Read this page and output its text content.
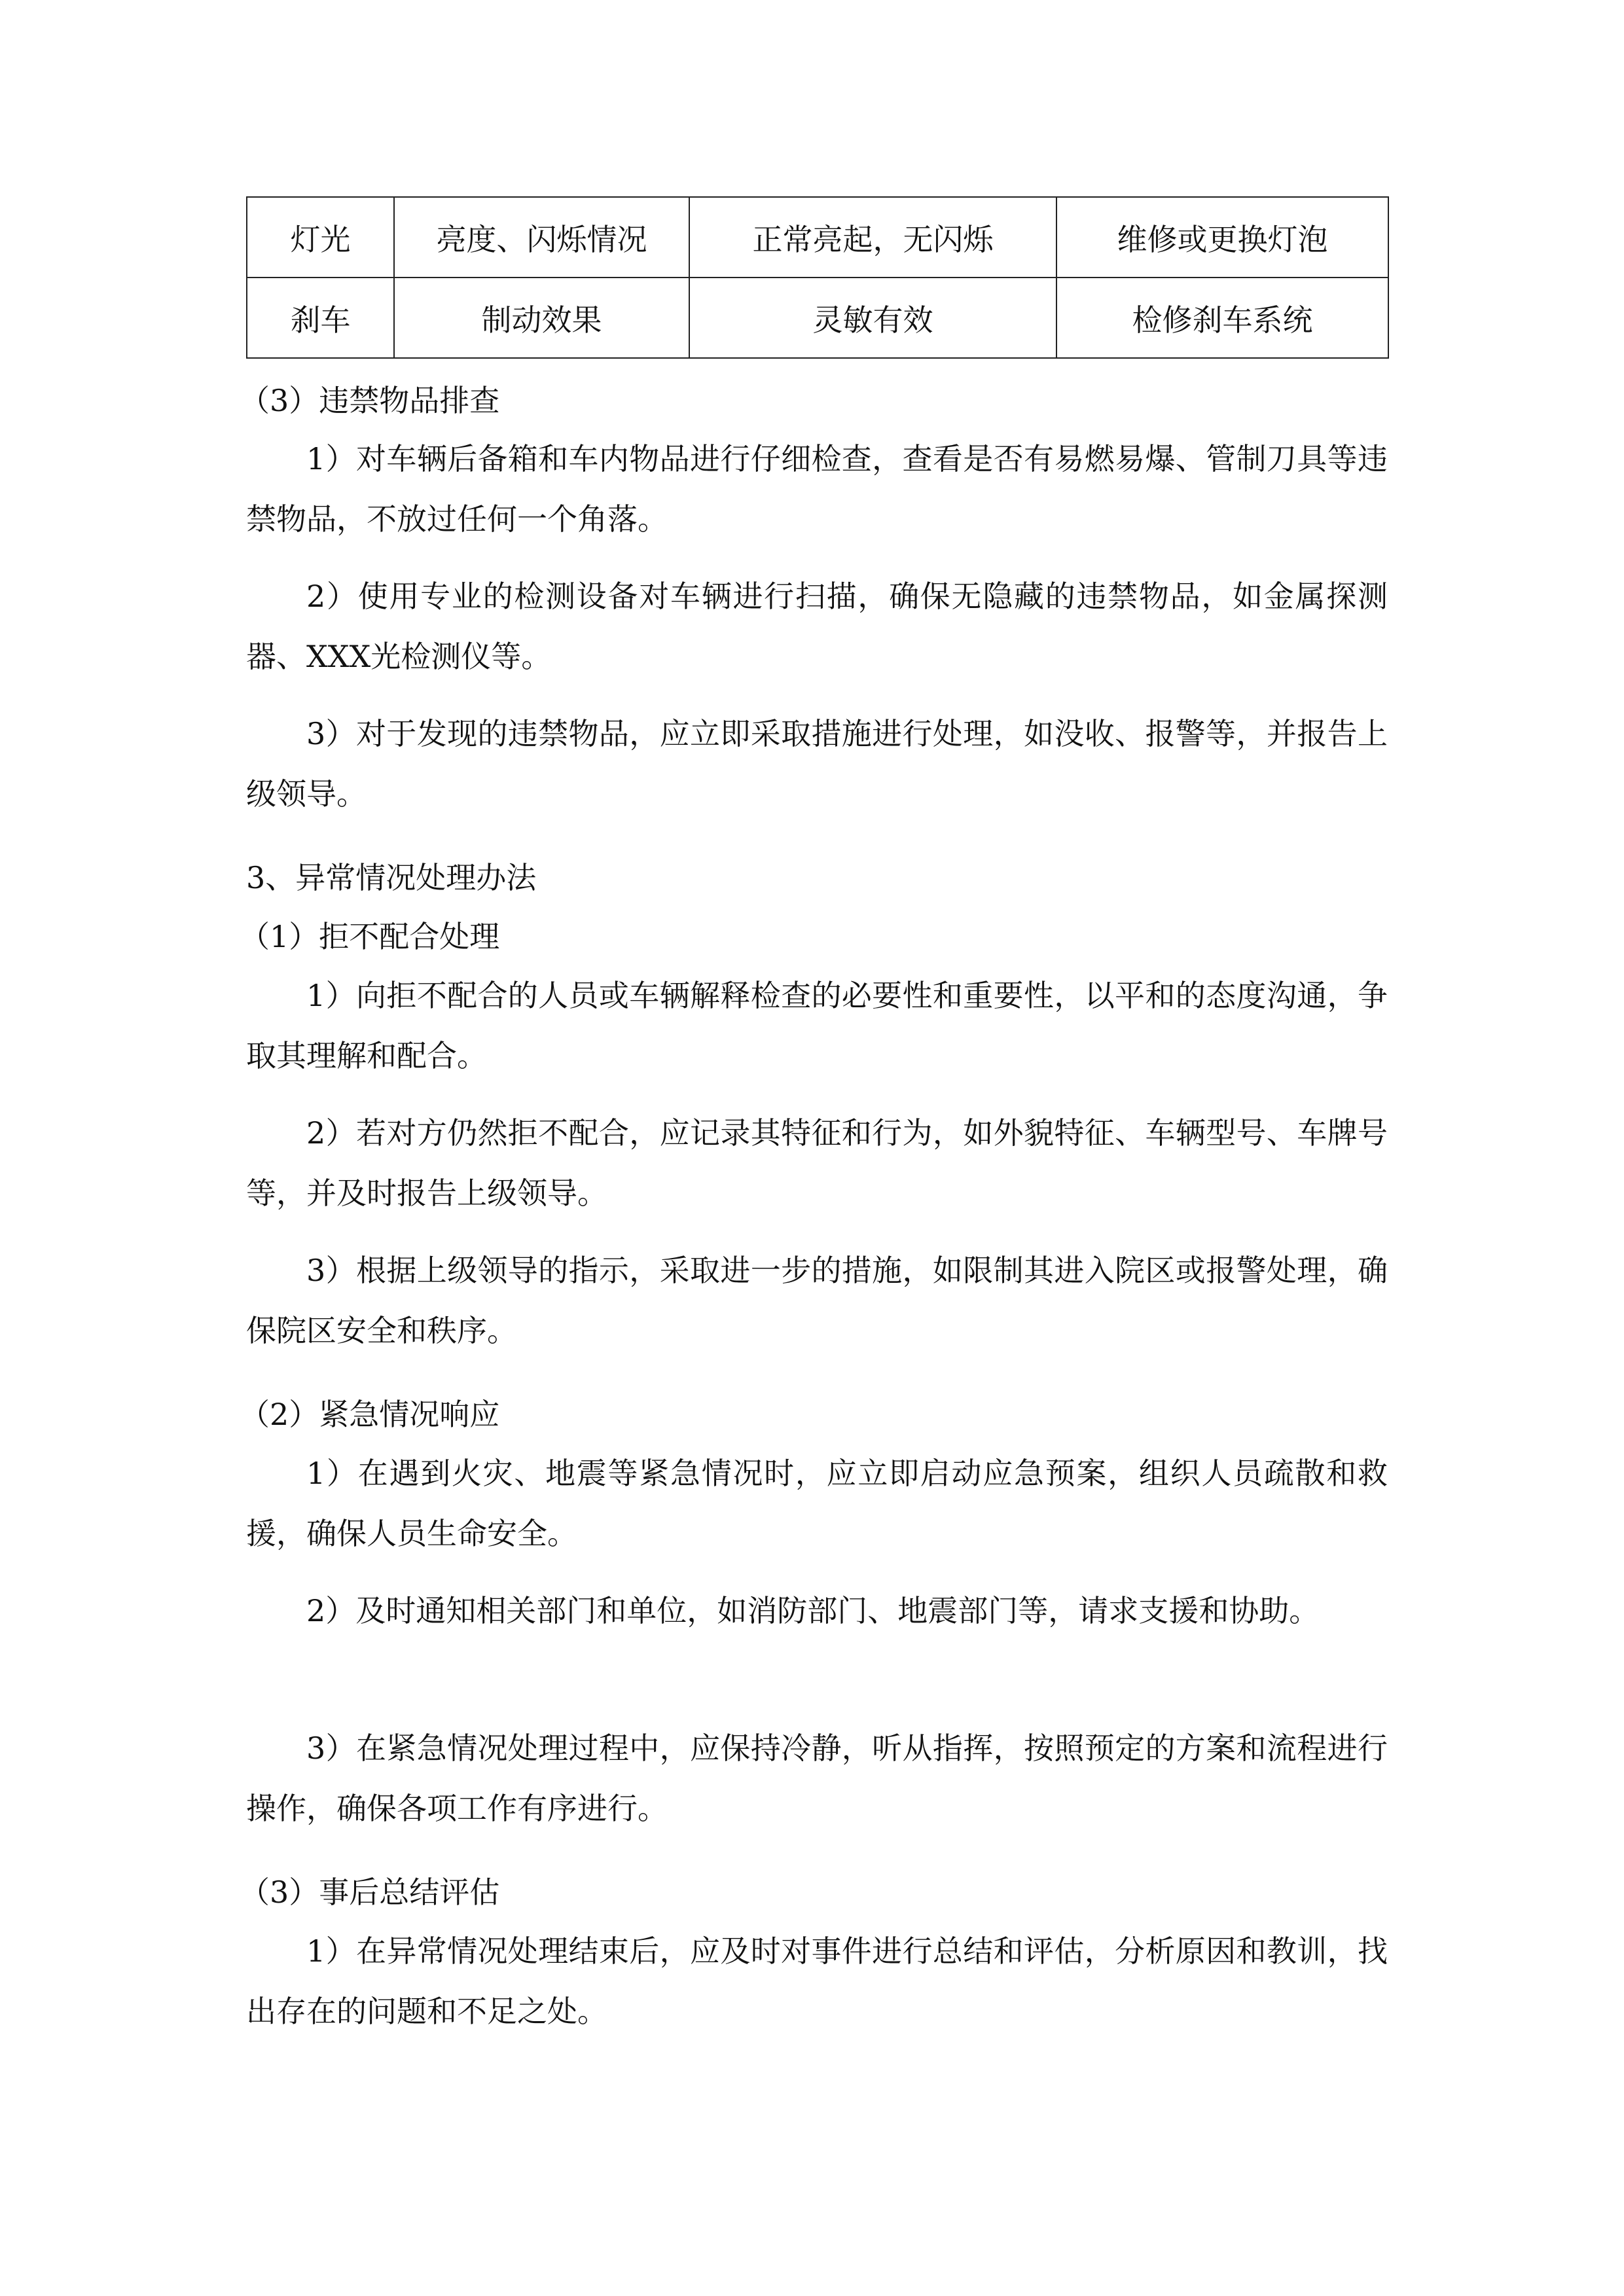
灯光	亮度、闪烁情况	正常亮起，无闪烁	维修或更换灯泡
刹车	制动效果	灵敏有效	检修刹车系统

（3）违禁物品排查

1）对车辆后备箱和车内物品进行仔细检查，查看是否有易燃易爆、管制刀具等违禁物品，不放过任何一个角落。

2）使用专业的检测设备对车辆进行扫描，确保无隐藏的违禁物品，如金属探测器、XXX光检测仪等。

3）对于发现的违禁物品，应立即采取措施进行处理，如没收、报警等，并报告上级领导。

3、异常情况处理办法

（1）拒不配合处理

1）向拒不配合的人员或车辆解释检查的必要性和重要性，以平和的态度沟通，争取其理解和配合。

2）若对方仍然拒不配合，应记录其特征和行为，如外貌特征、车辆型号、车牌号等，并及时报告上级领导。

3）根据上级领导的指示，采取进一步的措施，如限制其进入院区或报警处理，确保院区安全和秩序。

（2）紧急情况响应

1）在遇到火灾、地震等紧急情况时，应立即启动应急预案，组织人员疏散和救援，确保人员生命安全。

2）及时通知相关部门和单位，如消防部门、地震部门等，请求支援和协助。

3）在紧急情况处理过程中，应保持冷静，听从指挥，按照预定的方案和流程进行操作，确保各项工作有序进行。

（3）事后总结评估

1）在异常情况处理结束后，应及时对事件进行总结和评估，分析原因和教训，找出存在的问题和不足之处。
